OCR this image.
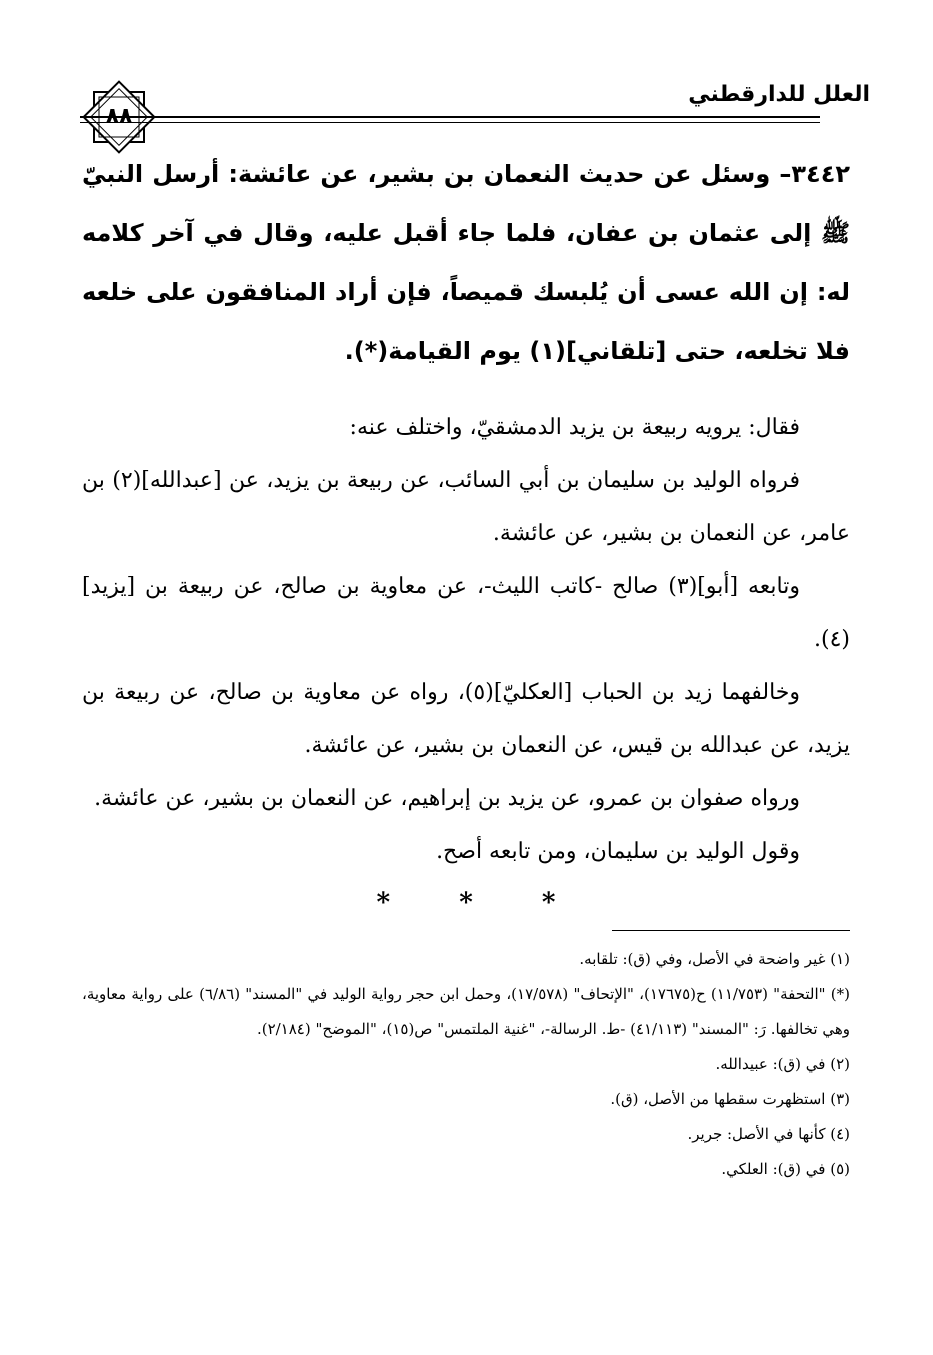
٨٨
العلل للدارقطني

٣٤٤٢– وسئل عن حديث النعمان بن بشير، عن عائشة: أرسل النبيّ ﷺ إلى عثمان بن عفان، فلما جاء أقبل عليه، وقال في آخر كلامه له: إن الله عسى أن يُلبسك قميصاً، فإن أراد المنافقون على خلعه فلا تخلعه، حتى [تلقاني](١) يوم القيامة(*).

فقال: يرويه ربيعة بن يزيد الدمشقيّ، واختلف عنه:

فرواه الوليد بن سليمان بن أبي السائب، عن ربيعة بن يزيد، عن [عبدالله](٢) بن عامر، عن النعمان بن بشير، عن عائشة.

وتابعه [أبو](٣) صالح -كاتب الليث-، عن معاوية بن صالح، عن ربيعة بن [يزيد](٤).

وخالفهما زيد بن الحباب [العكليّ](٥)، رواه عن معاوية بن صالح، عن ربيعة بن يزيد، عن عبدالله بن قيس، عن النعمان بن بشير، عن عائشة.

ورواه صفوان بن عمرو، عن يزيد بن إبراهيم، عن النعمان بن بشير، عن عائشة.

وقول الوليد بن سليمان، ومن تابعه أصح.

* * *

(١) غير واضحة في الأصل، وفي (ق): تلقابه.

(*) "التحفة" (١١/٧٥٣) ح(١٧٦٧٥)، "الإتحاف" (١٧/٥٧٨)، وحمل ابن حجر رواية الوليد في "المسند" (٦/٨٦) على رواية معاوية، وهي تخالفها. رَ: "المسند" (٤١/١١٣) -ط. الرسالة-، "غنية الملتمس" ص(١٥)، "الموضح" (٢/١٨٤).

(٢) في (ق): عبيدالله.

(٣) استظهرت سقطها من الأصل، (ق).

(٤) كأنها في الأصل: جرير.

(٥) في (ق): العلكي.
